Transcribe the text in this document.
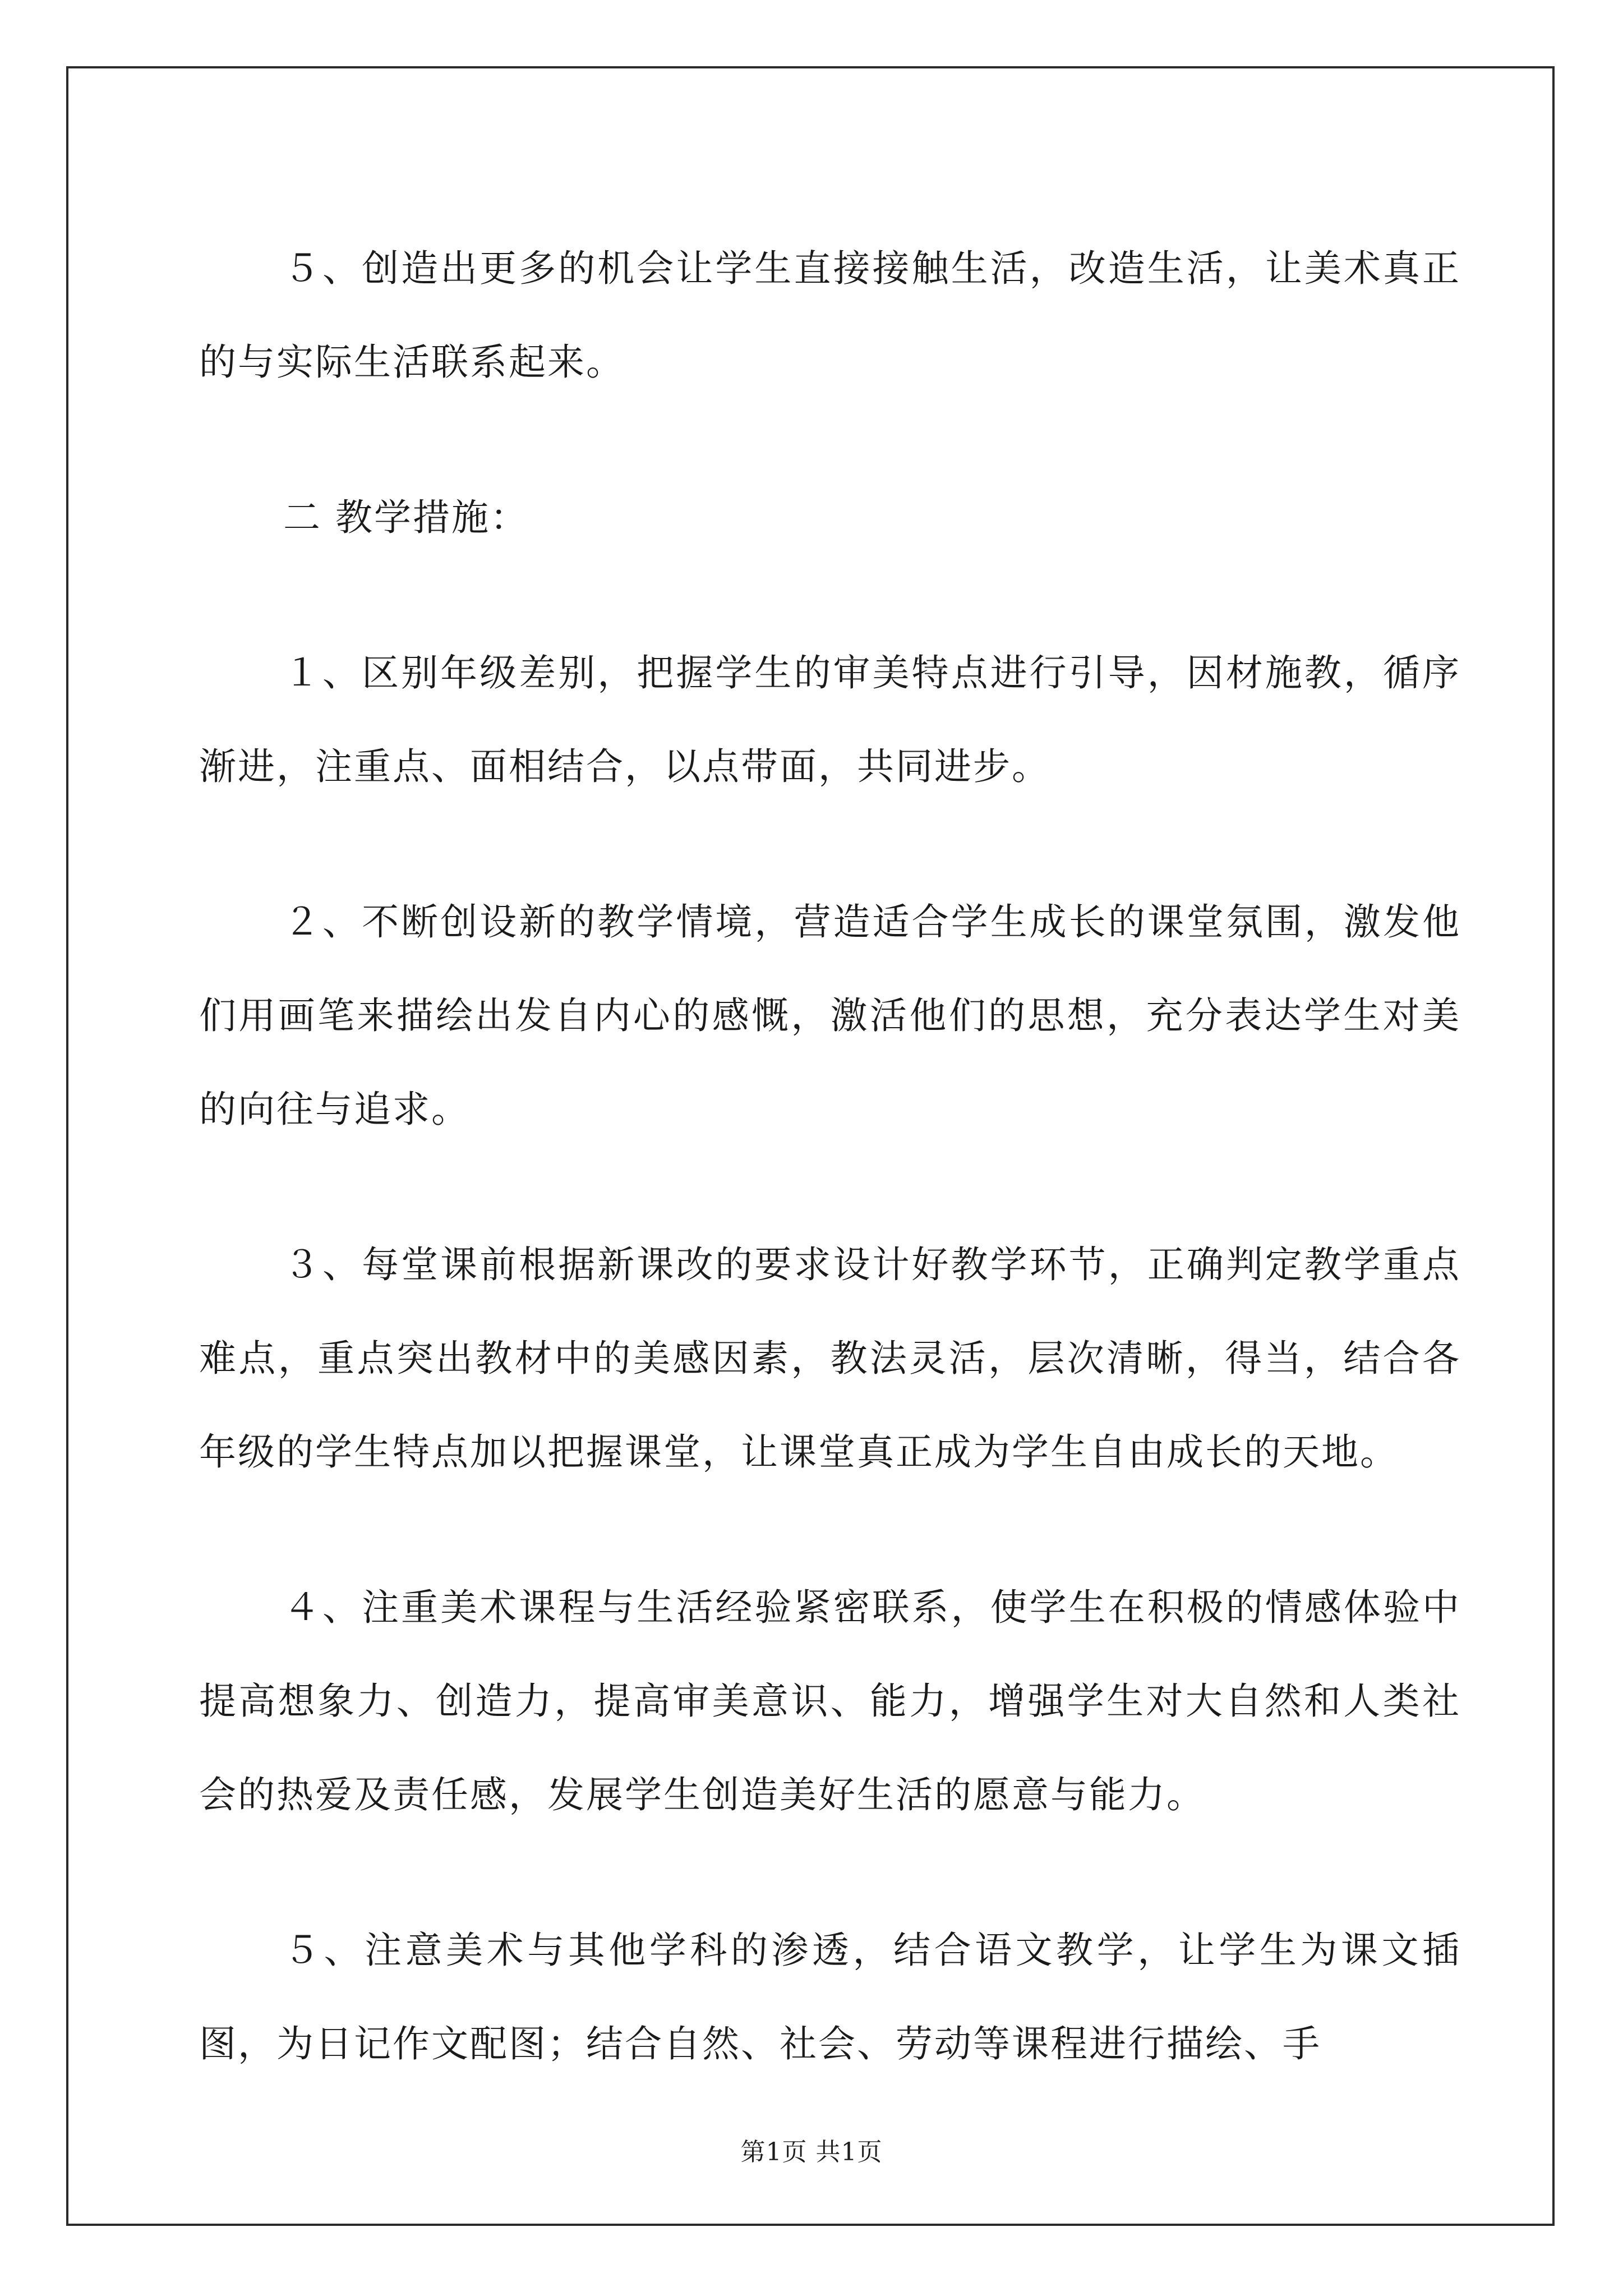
５、创造出更多的机会让学生直接接触生活，改造生活，让美术真正的与实际生活联系起来。

二 教学措施：

１、区别年级差别，把握学生的审美特点进行引导，因材施教，循序渐进，注重点、面相结合，以点带面，共同进步。

２、不断创设新的教学情境，营造适合学生成长的课堂氛围，激发他们用画笔来描绘出发自内心的感慨，激活他们的思想，充分表达学生对美的向往与追求。

３、每堂课前根据新课改的要求设计好教学环节，正确判定教学重点难点，重点突出教材中的美感因素，教法灵活，层次清晰，得当，结合各年级的学生特点加以把握课堂，让课堂真正成为学生自由成长的天地。

４、注重美术课程与生活经验紧密联系，使学生在积极的情感体验中提高想象力、创造力，提高审美意识、能力，增强学生对大自然和人类社会的热爱及责任感，发展学生创造美好生活的愿意与能力。

５、注意美术与其他学科的渗透，结合语文教学，让学生为课文插图，为日记作文配图；结合自然、社会、劳动等课程进行描绘、手

第1页 共1页
